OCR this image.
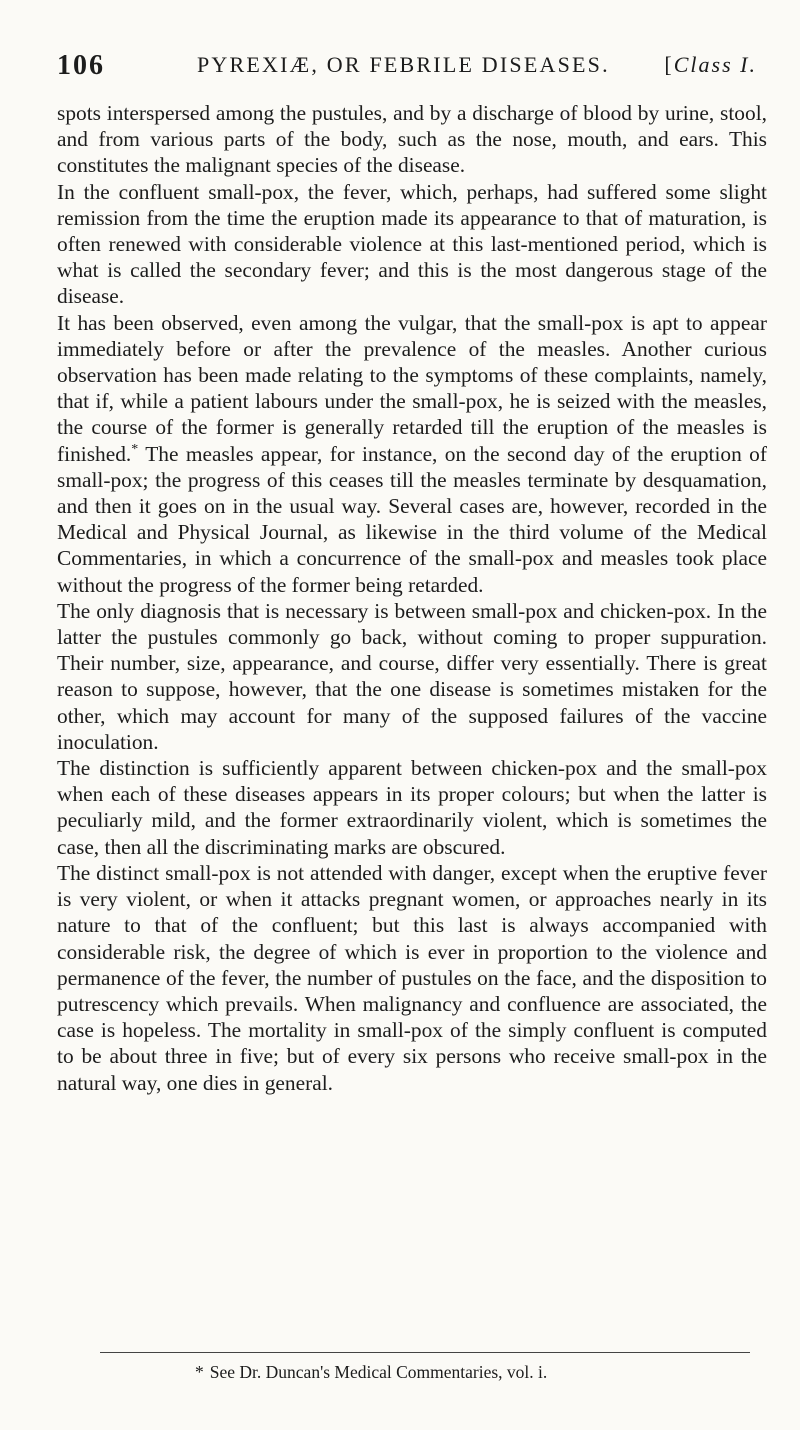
106	PYREXIÆ, OR FEBRILE DISEASES. [Class I.

spots interspersed among the pustules, and by a discharge of blood by urine, stool, and from various parts of the body, such as the nose, mouth, and ears. This constitutes the malignant species of the disease.

In the confluent small-pox, the fever, which, perhaps, had suffered some slight remission from the time the eruption made its appearance to that of maturation, is often renewed with considerable violence at this last-mentioned period, which is what is called the secondary fever; and this is the most dangerous stage of the disease.

It has been observed, even among the vulgar, that the small-pox is apt to appear immediately before or after the prevalence of the measles. Another curious observation has been made relating to the symptoms of these complaints, namely, that if, while a patient labours under the small-pox, he is seized with the measles, the course of the former is generally retarded till the eruption of the measles is finished.* The measles appear, for instance, on the second day of the eruption of small-pox; the progress of this ceases till the measles terminate by desquamation, and then it goes on in the usual way. Several cases are, however, recorded in the Medical and Physical Journal, as likewise in the third volume of the Medical Commentaries, in which a concurrence of the small-pox and measles took place without the progress of the former being retarded.

The only diagnosis that is necessary is between small-pox and chicken-pox. In the latter the pustules commonly go back, without coming to proper suppuration. Their number, size, appearance, and course, differ very essentially. There is great reason to suppose, however, that the one disease is sometimes mistaken for the other, which may account for many of the supposed failures of the vaccine inoculation.

The distinction is sufficiently apparent between chicken-pox and the small-pox when each of these diseases appears in its proper colours; but when the latter is peculiarly mild, and the former extraordinarily violent, which is sometimes the case, then all the discriminating marks are obscured.

The distinct small-pox is not attended with danger, except when the eruptive fever is very violent, or when it attacks pregnant women, or approaches nearly in its nature to that of the confluent; but this last is always accompanied with considerable risk, the degree of which is ever in proportion to the violence and permanence of the fever, the number of pustules on the face, and the disposition to putrescency which prevails. When malignancy and confluence are associated, the case is hopeless. The mortality in small-pox of the simply confluent is computed to be about three in five; but of every six persons who receive small-pox in the natural way, one dies in general.

* See Dr. Duncan's Medical Commentaries, vol. i.
